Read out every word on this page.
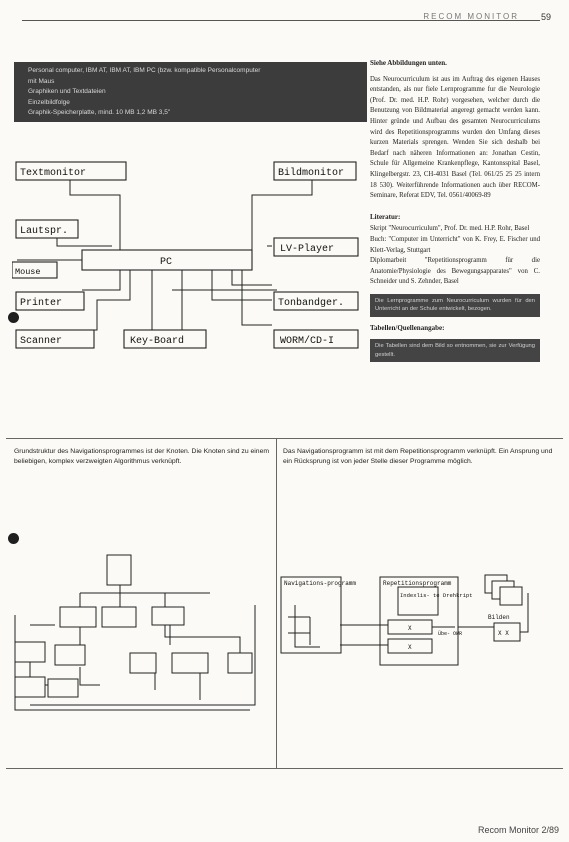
RECOM MONITOR 59
Personal computer, IBM AT, IBM AT, IBM PC (bzw. kompatible Personalcomputer
mit Maus
Graphiken und Textdateien
Einzelbildfolge
Graphik-Speicherplatte, mind. 10 MB 1,2 MB 3,5"
Textmonitor	Bildmonitor
Lautspr.
LV-Player
PC
Mouse
Printer	Tonbandger.
Scanner	Key-Board	WORM/CD-I
Siehe Abbildungen unten.

Das Neurocurriculum ist aus im Auftrag des eigenen Hauses entstanden, als nur fiele Lernprogramme fur die Neurologie (Prof. Dr. med. H.P. Rohr) vorgesehen, welcher durch die Benutzung von Bildmaterial angeregt gemacht werden kann. Hinter gründe und Aufbau des gesamten Neurocurriculums wird des Repetitionsprogramms wurden den Umfang dieses kurzen Materials sprengen. Wenden Sie sich deshalb bei Bedarf nach näheren Informationen an: Jonathan Cestin, Schule für Allgemeine Krankenpflege, Kantonsspital Basel, Klingelbergstr. 23, CH-4031 Basel (Tel. 061/25 25 25 intern 18 530). Weiterführende Informationen auch über RECOM-Seminare, Referat EDV, Tel. 0561/40069-89

Literatur:

Skript "Neurocurriculum", Prof. Dr. med. H.P. Rohr, Basel

Buch: "Computer im Unterricht" von K. Frey, E. Fischer und Klett-Verlag, Stuttgart

Diplomarbeit "Repetitionsprogramm für die Anatomie/Physiologie des Bewegungsapparates" von C. Schneider und S. Zehnder, Basel

Die Lernprogramme zum Neurocurriculum wurden für den Unterricht an der Schule entwickelt, bezogen.
Tabellen/Quellenangabe:
Die Tabellen sind dem Bild so entnommen, sie zur Verfügung gestellt.
Grundstruktur des Navigationsprogrammes ist der Knoten. Die Knoten sind zu einem beliebigen, komplex verzweigten Algorithmus verknüpft.
Das Navigationsprogramm ist mit dem Repetitionsprogramm verknüpft. Ein Ansprung und ein Rücksprung ist von jeder Stelle dieser Programme möglich.
Navigations-programm	Repetitionsprogramm
Indexlis- te Drehkript
X
X
Übe- OWR
Bilden
X X
Recom Monitor 2/89
